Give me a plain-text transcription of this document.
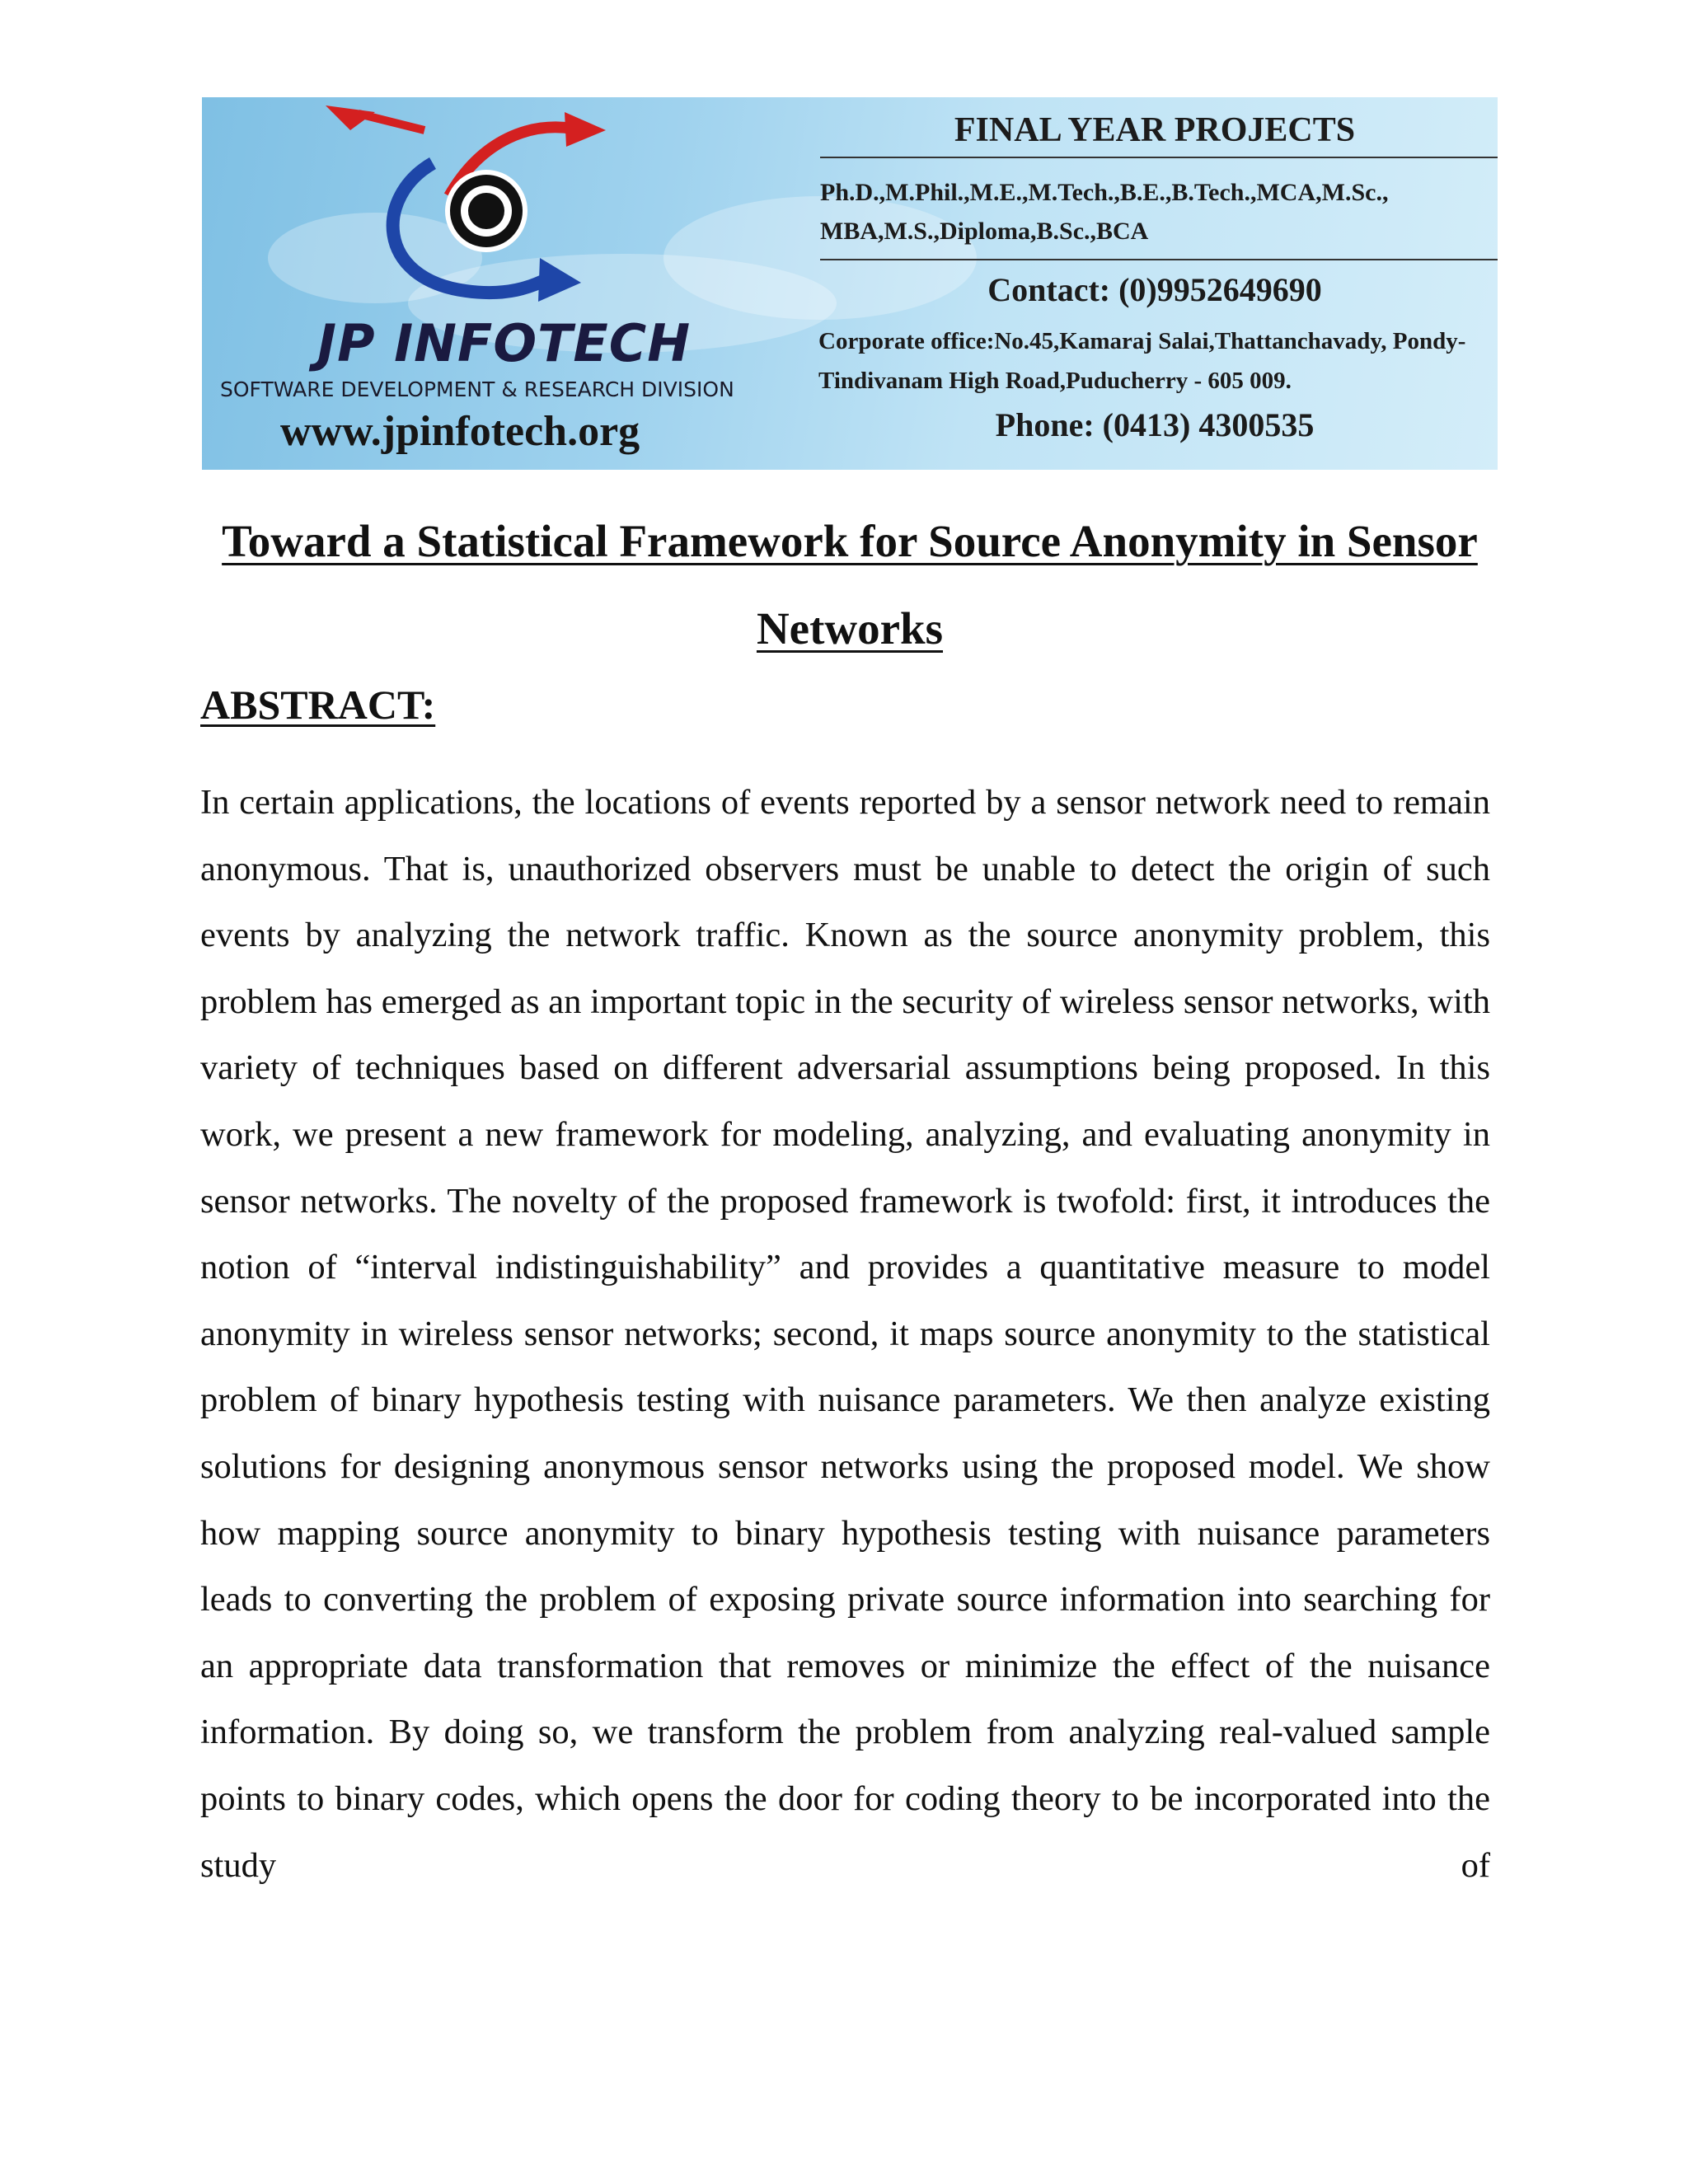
JP INFOTECH
SOFTWARE DEVELOPMENT & RESEARCH DIVISION
www.jpinfotech.org
FINAL YEAR PROJECTS
Ph.D.,M.Phil.,M.E.,M.Tech.,B.E.,B.Tech.,MCA,M.Sc., MBA,M.S.,Diploma,B.Sc.,BCA
Contact: (0)9952649690
Corporate office:No.45,Kamaraj Salai,Thattanchavady, Pondy-Tindivanam High Road,Puducherry - 605 009.
Phone: (0413) 4300535
Toward a Statistical Framework for Source Anonymity in Sensor Networks
ABSTRACT:

In certain applications, the locations of events reported by a sensor network need to remain anonymous. That is, unauthorized observers must be unable to detect the origin of such events by analyzing the network traffic. Known as the source anonymity problem, this problem has emerged as an important topic in the security of wireless sensor networks, with variety of techniques based on different adversarial assumptions being proposed. In this work, we present a new framework for modeling, analyzing, and evaluating anonymity in sensor networks. The novelty of the proposed framework is twofold: first, it introduces the notion of “interval indistinguishability” and provides a quantitative measure to model anonymity in wireless sensor networks; second, it maps source anonymity to the statistical problem of binary hypothesis testing with nuisance parameters. We then analyze existing solutions for designing anonymous sensor networks using the proposed model. We show how mapping source anonymity to binary hypothesis testing with nuisance parameters leads to converting the problem of exposing private source information into searching for an appropriate data transformation that removes or minimize the effect of the nuisance information. By doing so, we transform the problem from analyzing real-valued sample points to binary codes, which opens the door for coding theory to be incorporated into the study of
